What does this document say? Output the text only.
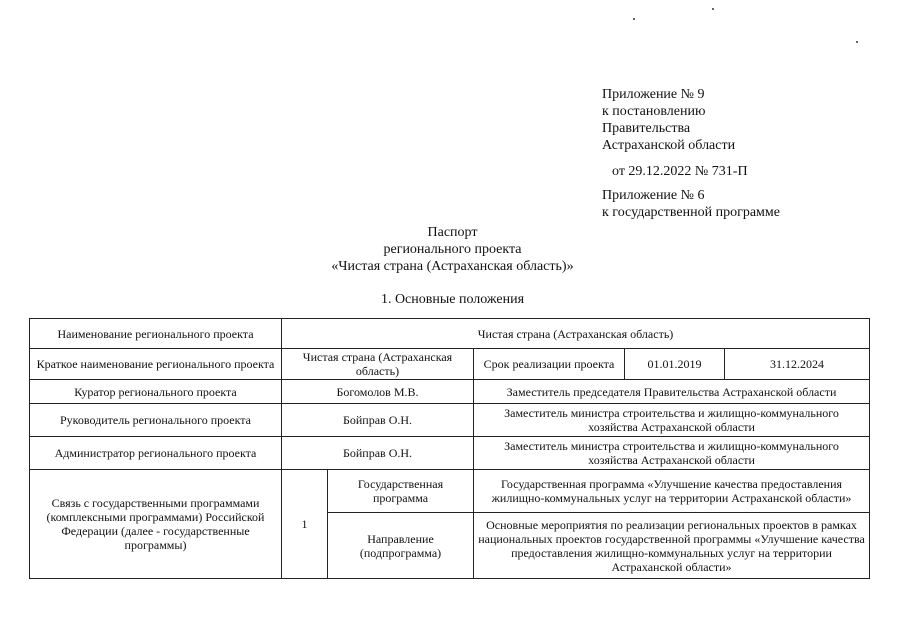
Приложение № 9
к постановлению
Правительства
Астраханской области
от 29.12.2022 № 731-П
Приложение № 6
к государственной программе
Паспорт
регионального проекта
«Чистая страна (Астраханская область)»
1. Основные положения
Наименование регионального проекта	Чистая страна (Астраханская область)				
Краткое наименование регионального проекта	Чистая страна (Астраханская область)		Срок реализации проекта	01.01.2019	31.12.2024
Куратор регионального проекта	Богомолов М.В.		Заместитель председателя Правительства Астраханской области		
Руководитель регионального проекта	Бойправ О.Н.		Заместитель министра строительства и жилищно-коммунального хозяйства Астраханской области		
Администратор регионального проекта	Бойправ О.Н.		Заместитель министра строительства и жилищно-коммунального хозяйства Астраханской области		
Связь с государственными программами (комплексными программами) Российской Федерации (далее - государственные программы)	1	Государственная программа	Государственная программа «Улучшение качества предоставления жилищно-коммунальных услуг на территории Астраханской области»		
		Направление (подпрограмма)	Основные мероприятия по реализации региональных проектов в рамках национальных проектов государственной программы «Улучшение качества предоставления жилищно-коммунальных услуг на территории Астраханской области»		
